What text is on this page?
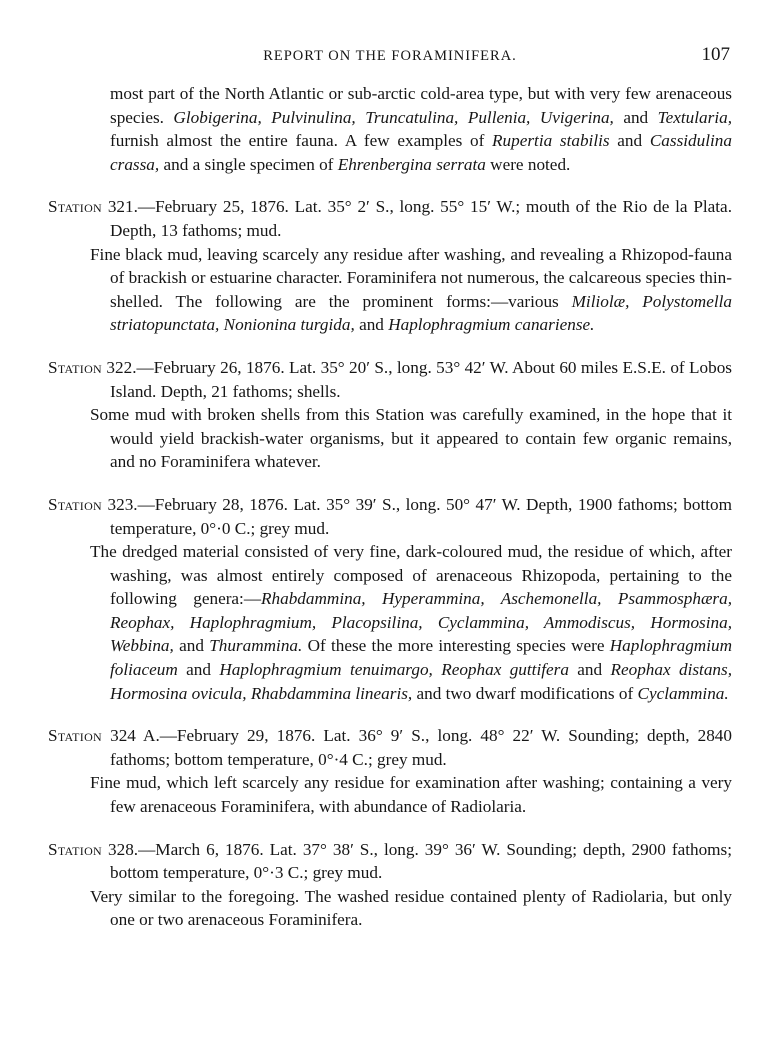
REPORT ON THE FORAMINIFERA.	107

most part of the North Atlantic or sub-arctic cold-area type, but with very few arenaceous species. Globigerina, Pulvinulina, Truncatulina, Pullenia, Uvigerina, and Textularia, furnish almost the entire fauna. A few examples of Rupertia stabilis and Cassidulina crassa, and a single specimen of Ehrenbergina serrata were noted.

Station 321.—February 25, 1876. Lat. 35° 2′ S., long. 55° 15′ W.; mouth of the Rio de la Plata. Depth, 13 fathoms; mud.

Fine black mud, leaving scarcely any residue after washing, and revealing a Rhizopod-fauna of brackish or estuarine character. Foraminifera not numerous, the calcareous species thin-shelled. The following are the prominent forms:—various Miliolæ, Polystomella striatopunctata, Nonionina turgida, and Haplophragmium canariense.

Station 322.—February 26, 1876. Lat. 35° 20′ S., long. 53° 42′ W. About 60 miles E.S.E. of Lobos Island. Depth, 21 fathoms; shells.

Some mud with broken shells from this Station was carefully examined, in the hope that it would yield brackish-water organisms, but it appeared to contain few organic remains, and no Foraminifera whatever.

Station 323.—February 28, 1876. Lat. 35° 39′ S., long. 50° 47′ W. Depth, 1900 fathoms; bottom temperature, 0°·0 C.; grey mud.

The dredged material consisted of very fine, dark-coloured mud, the residue of which, after washing, was almost entirely composed of arenaceous Rhizopoda, pertaining to the following genera:—Rhabdammina, Hyperammina, Aschemonella, Psammosphæra, Reophax, Haplophragmium, Placopsilina, Cyclammina, Ammodiscus, Hormosina, Webbina, and Thurammina. Of these the more interesting species were Haplophragmium foliaceum and Haplophragmium tenuimargo, Reophax guttifera and Reophax distans, Hormosina ovicula, Rhabdammina linearis, and two dwarf modifications of Cyclammina.

Station 324 A.—February 29, 1876. Lat. 36° 9′ S., long. 48° 22′ W. Sounding; depth, 2840 fathoms; bottom temperature, 0°·4 C.; grey mud.

Fine mud, which left scarcely any residue for examination after washing; containing a very few arenaceous Foraminifera, with abundance of Radiolaria.

Station 328.—March 6, 1876. Lat. 37° 38′ S., long. 39° 36′ W. Sounding; depth, 2900 fathoms; bottom temperature, 0°·3 C.; grey mud.

Very similar to the foregoing. The washed residue contained plenty of Radiolaria, but only one or two arenaceous Foraminifera.
